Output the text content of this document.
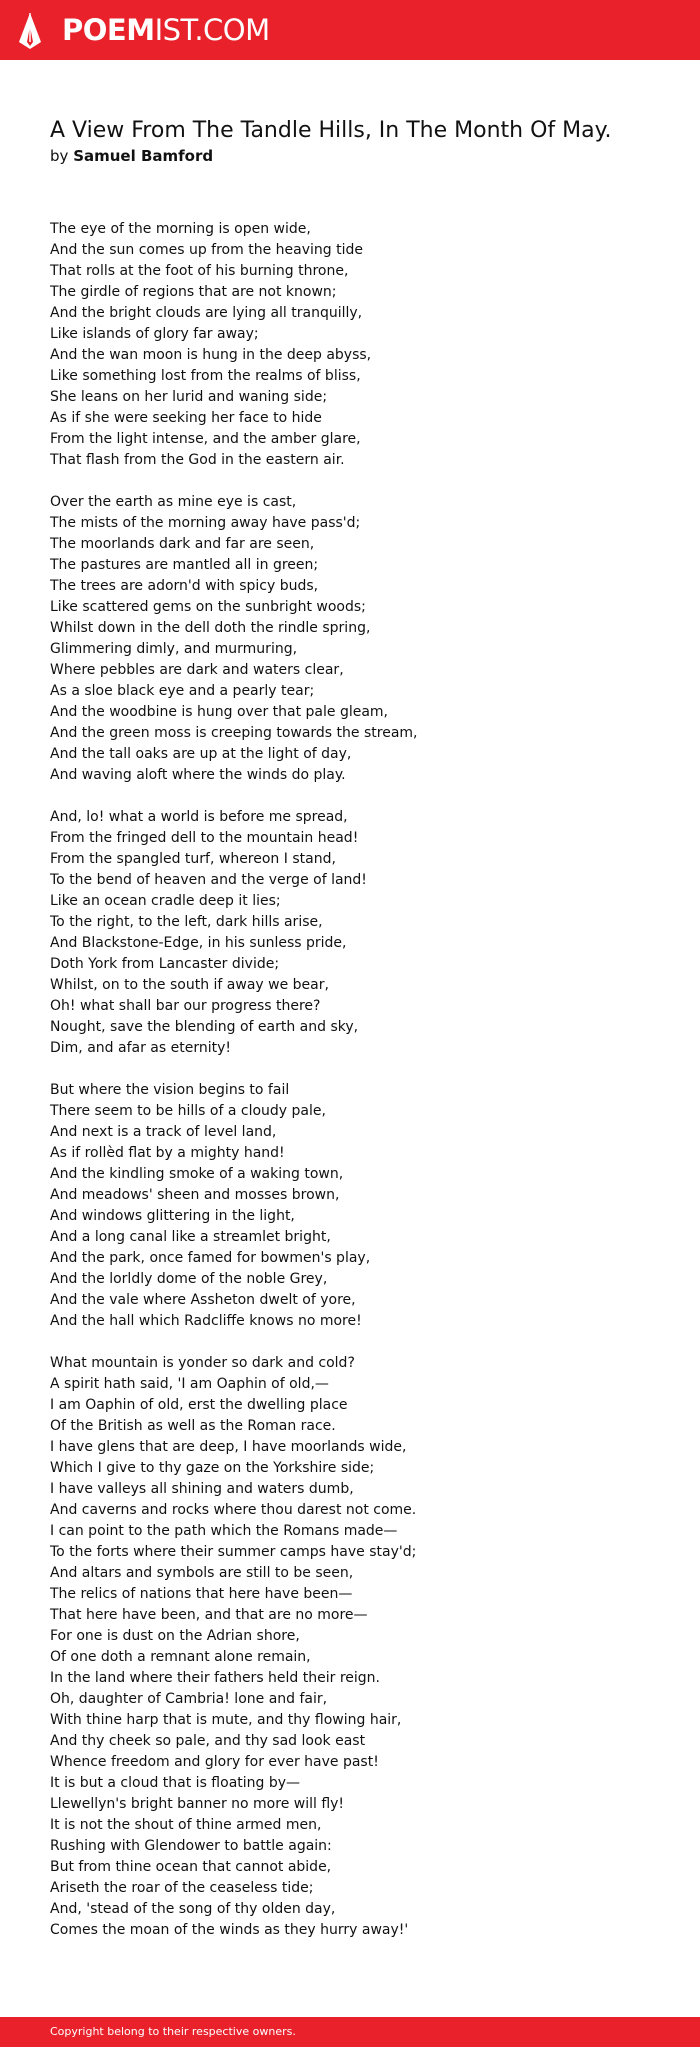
POEMIST.COM
A View From The Tandle Hills, In The Month Of May.
by Samuel Bamford
The eye of the morning is open wide,
And the sun comes up from the heaving tide
That rolls at the foot of his burning throne,
The girdle of regions that are not known;
And the bright clouds are lying all tranquilly,
Like islands of glory far away;
And the wan moon is hung in the deep abyss,
Like something lost from the realms of bliss,
She leans on her lurid and waning side;
As if she were seeking her face to hide
From the light intense, and the amber glare,
That flash from the God in the eastern air.
Over the earth as mine eye is cast,
The mists of the morning away have pass'd;
The moorlands dark and far are seen,
The pastures are mantled all in green;
The trees are adorn'd with spicy buds,
Like scattered gems on the sunbright woods;
Whilst down in the dell doth the rindle spring,
Glimmering dimly, and murmuring,
Where pebbles are dark and waters clear,
As a sloe black eye and a pearly tear;
And the woodbine is hung over that pale gleam,
And the green moss is creeping towards the stream,
And the tall oaks are up at the light of day,
And waving aloft where the winds do play.
And, lo! what a world is before me spread,
From the fringed dell to the mountain head!
From the spangled turf, whereon I stand,
To the bend of heaven and the verge of land!
Like an ocean cradle deep it lies;
To the right, to the left, dark hills arise,
And Blackstone-Edge, in his sunless pride,
Doth York from Lancaster divide;
Whilst, on to the south if away we bear,
Oh! what shall bar our progress there?
Nought, save the blending of earth and sky,
Dim, and afar as eternity!
But where the vision begins to fail
There seem to be hills of a cloudy pale,
And next is a track of level land,
As if rollèd flat by a mighty hand!
And the kindling smoke of a waking town,
And meadows' sheen and mosses brown,
And windows glittering in the light,
And a long canal like a streamlet bright,
And the park, once famed for bowmen's play,
And the lorldly dome of the noble Grey,
And the vale where Assheton dwelt of yore,
And the hall which Radcliffe knows no more!
What mountain is yonder so dark and cold?
A spirit hath said, 'I am Oaphin of old,—
I am Oaphin of old, erst the dwelling place
Of the British as well as the Roman race.
I have glens that are deep, I have moorlands wide,
Which I give to thy gaze on the Yorkshire side;
I have valleys all shining and waters dumb,
And caverns and rocks where thou darest not come.
I can point to the path which the Romans made—
To the forts where their summer camps have stay'd;
And altars and symbols are still to be seen,
The relics of nations that here have been—
That here have been, and that are no more—
For one is dust on the Adrian shore,
Of one doth a remnant alone remain,
In the land where their fathers held their reign.
Oh, daughter of Cambria! lone and fair,
With thine harp that is mute, and thy flowing hair,
And thy cheek so pale, and thy sad look east
Whence freedom and glory for ever have past!
It is but a cloud that is floating by—
Llewellyn's bright banner no more will fly!
It is not the shout of thine armed men,
Rushing with Glendower to battle again:
But from thine ocean that cannot abide,
Ariseth the roar of the ceaseless tide;
And, 'stead of the song of thy olden day,
Comes the moan of the winds as they hurry away!'
Copyright belong to their respective owners.
